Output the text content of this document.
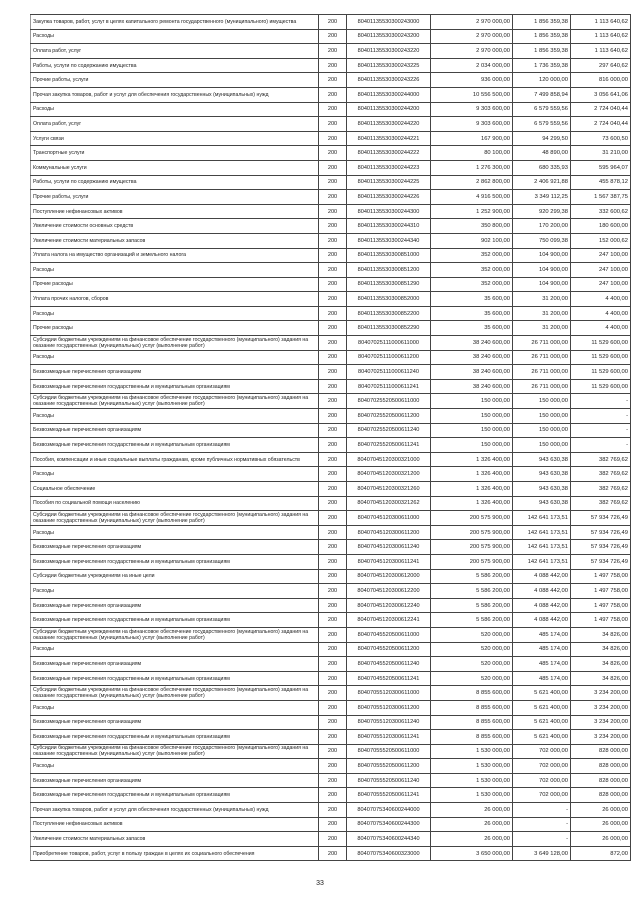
Закупка товаров, работ, услуг в целях капитального ремонта государственного (муниципального) имущества	200	80401135530300243000	2 970 000,00	1 856 359,38	1 113 640,62
Расходы	200	80401135530300243200	2 970 000,00	1 856 359,38	1 113 640,62
Оплата работ, услуг	200	80401135530300243220	2 970 000,00	1 856 359,38	1 113 640,62
Работы, услуги по содержанию имущества	200	80401135530300243225	2 034 000,00	1 736 359,38	297 640,62
Прочие работы, услуги	200	80401135530300243226	936 000,00	120 000,00	816 000,00
Прочая закупка товаров, работ и услуг для обеспечения государственных (муниципальных) нужд	200	80401135530300244000	10 556 500,00	7 499 858,94	3 056 641,06
Расходы	200	80401135530300244200	9 303 600,00	6 579 559,56	2 724 040,44
Оплата работ, услуг	200	80401135530300244220	9 303 600,00	6 579 559,56	2 724 040,44
Услуги связи	200	80401135530300244221	167 900,00	94 299,50	73 600,50
Транспортные услуги	200	80401135530300244222	80 100,00	48 890,00	31 210,00
Коммунальные услуги	200	80401135530300244223	1 276 300,00	680 335,93	595 964,07
Работы, услуги по содержанию имущества	200	80401135530300244225	2 862 800,00	2 406 921,88	455 878,12
Прочие работы, услуги	200	80401135530300244226	4 916 500,00	3 349 112,25	1 567 387,75
Поступление нефинансовых активов	200	80401135530300244300	1 252 900,00	920 299,38	332 600,62
Увеличение стоимости основных средств	200	80401135530300244310	350 800,00	170 200,00	180 600,00
Увеличение стоимости материальных запасов	200	80401135530300244340	902 100,00	750 099,38	152 000,62
Уплата налога на имущество организаций и земельного налога	200	80401135530300851000	352 000,00	104 900,00	247 100,00
Расходы	200	80401135530300851200	352 000,00	104 900,00	247 100,00
Прочие расходы	200	80401135530300851290	352 000,00	104 900,00	247 100,00
Уплата прочих налогов, сборов	200	80401135530300852000	35 600,00	31 200,00	4 400,00
Расходы	200	80401135530300852200	35 600,00	31 200,00	4 400,00
Прочие расходы	200	80401135530300852290	35 600,00	31 200,00	4 400,00
Субсидии бюджетным учреждениям на финансовое обеспечение государственного (муниципального) задания на оказание государственных (муниципальных) услуг (выполнение работ)	200	80407025111000611000	38 240 600,00	26 711 000,00	11 529 600,00
Расходы	200	80407025111000611200	38 240 600,00	26 711 000,00	11 529 600,00
Безвозмездные перечисления организациям	200	80407025111000611240	38 240 600,00	26 711 000,00	11 529 600,00
Безвозмездные перечисления государственным и муниципальным организациям	200	80407025111000611241	38 240 600,00	26 711 000,00	11 529 600,00
Субсидии бюджетным учреждениям на финансовое обеспечение государственного (муниципального) задания на оказание государственных (муниципальных) услуг (выполнение работ)	200	80407025520500611000	150 000,00	150 000,00	-
Расходы	200	80407025520500611200	150 000,00	150 000,00	-
Безвозмездные перечисления организациям	200	80407025520500611240	150 000,00	150 000,00	-
Безвозмездные перечисления государственным и муниципальным организациям	200	80407025520500611241	150 000,00	150 000,00	-
Пособия, компенсации и иные социальные выплаты гражданам, кроме публичных нормативных обязательств	200	80407045120300321000	1 326 400,00	943 630,38	382 769,62
Расходы	200	80407045120300321200	1 326 400,00	943 630,38	382 769,62
Социальное обеспечение	200	80407045120300321260	1 326 400,00	943 630,38	382 769,62
Пособия по социальной помощи населению	200	80407045120300321262	1 326 400,00	943 630,38	382 769,62
Субсидии бюджетным учреждениям на финансовое обеспечение государственного (муниципального) задания на оказание государственных (муниципальных) услуг (выполнение работ)	200	80407045120300611000	200 575 900,00	142 641 173,51	57 934 726,49
Расходы	200	80407045120300611200	200 575 900,00	142 641 173,51	57 934 726,49
Безвозмездные перечисления организациям	200	80407045120300611240	200 575 900,00	142 641 173,51	57 934 726,49
Безвозмездные перечисления государственным и муниципальным организациям	200	80407045120300611241	200 575 900,00	142 641 173,51	57 934 726,49
Субсидии бюджетным учреждениям на иные цели	200	80407045120300612000	5 586 200,00	4 088 442,00	1 497 758,00
Расходы	200	80407045120300612200	5 586 200,00	4 088 442,00	1 497 758,00
Безвозмездные перечисления организациям	200	80407045120300612240	5 586 200,00	4 088 442,00	1 497 758,00
Безвозмездные перечисления государственным и муниципальным организациям	200	80407045120300612241	5 586 200,00	4 088 442,00	1 497 758,00
Субсидии бюджетным учреждениям на финансовое обеспечение государственного (муниципального) задания на оказание государственных (муниципальных) услуг (выполнение работ)	200	80407045520500611000	520 000,00	485 174,00	34 826,00
Расходы	200	80407045520500611200	520 000,00	485 174,00	34 826,00
Безвозмездные перечисления организациям	200	80407045520500611240	520 000,00	485 174,00	34 826,00
Безвозмездные перечисления государственным и муниципальным организациям	200	80407045520500611241	520 000,00	485 174,00	34 826,00
Субсидии бюджетным учреждениям на финансовое обеспечение государственного (муниципального) задания на оказание государственных (муниципальных) услуг (выполнение работ)	200	80407055120300611000	8 855 600,00	5 621 400,00	3 234 200,00
Расходы	200	80407055120300611200	8 855 600,00	5 621 400,00	3 234 200,00
Безвозмездные перечисления организациям	200	80407055120300611240	8 855 600,00	5 621 400,00	3 234 200,00
Безвозмездные перечисления государственным и муниципальным организациям	200	80407055120300611241	8 855 600,00	5 621 400,00	3 234 200,00
Субсидии бюджетным учреждениям на финансовое обеспечение государственного (муниципального) задания на оказание государственных (муниципальных) услуг (выполнение работ)	200	80407055520500611000	1 530 000,00	702 000,00	828 000,00
Расходы	200	80407055520500611200	1 530 000,00	702 000,00	828 000,00
Безвозмездные перечисления организациям	200	80407055520500611240	1 530 000,00	702 000,00	828 000,00
Безвозмездные перечисления государственным и муниципальным организациям	200	80407055520500611241	1 530 000,00	702 000,00	828 000,00
Прочая закупка товаров, работ и услуг для обеспечения государственных (муниципальных) нужд	200	80407075340600244000	26 000,00	-	26 000,00
Поступление нефинансовых активов	200	80407075340600244300	26 000,00	-	26 000,00
Увеличение стоимости материальных запасов	200	80407075340600244340	26 000,00	-	26 000,00
Приобретение товаров, работ, услуг в пользу граждан в целях их социального обеспечения	200	80407075340600323000	3 650 000,00	3 649 128,00	872,00
33
